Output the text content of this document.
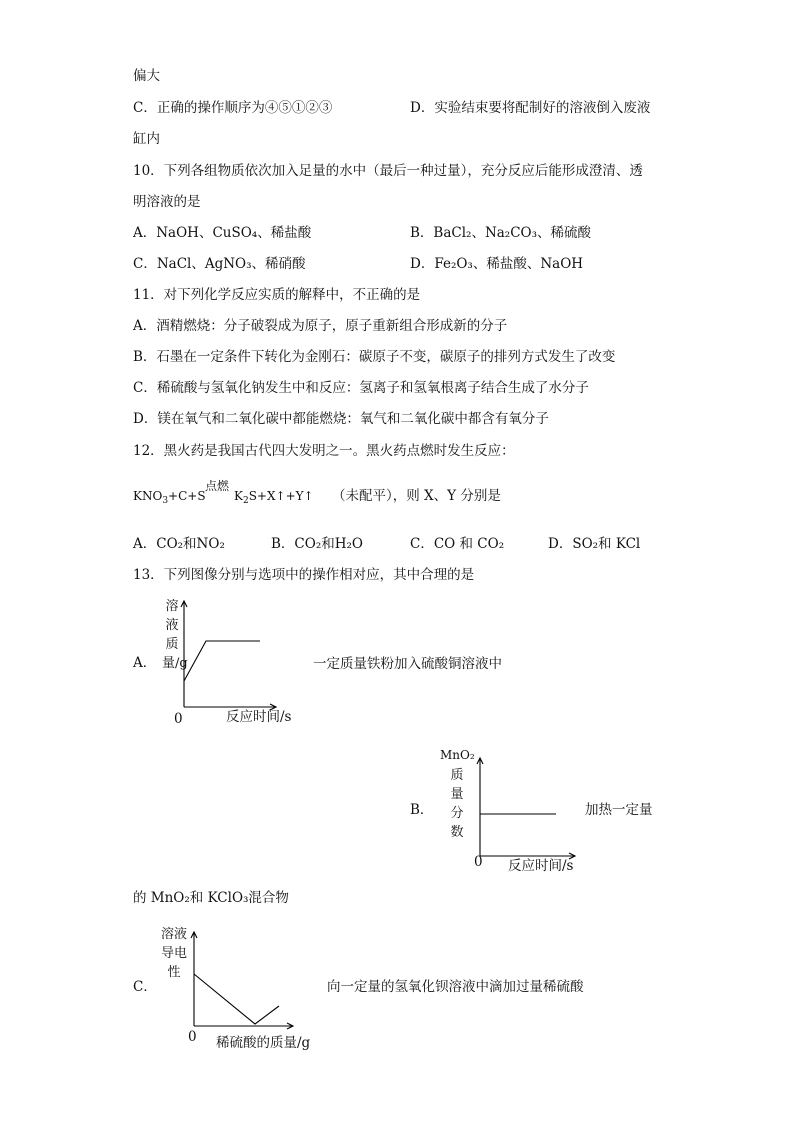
偏大
C．正确的操作顺序为④⑤①②③	D．实验结束要将配制好的溶液倒入废液
缸内
10．下列各组物质依次加入足量的水中（最后一种过量），充分反应后能形成澄清、透
明溶液的是
A．NaOH、CuSO₄、稀盐酸	B．BaCl₂、Na₂CO₃、稀硫酸
C．NaCl、AgNO₃、稀硝酸	D．Fe₂O₃、稀盐酸、NaOH
11．对下列化学反应实质的解释中，不正确的是
A．酒精燃烧：分子破裂成为原子，原子重新组合形成新的分子
B．石墨在一定条件下转化为金刚石：碳原子不变，碳原子的排列方式发生了改变
C．稀硫酸与氢氧化钠发生中和反应：氢离子和氢氧根离子结合生成了水分子
D．镁在氧气和二氧化碳中都能燃烧：氧气和二氧化碳中都含有氧分子
12．黑火药是我国古代四大发明之一。黑火药点燃时发生反应：
$KNO_3+C+S$
点燃
$K_2S+X↑+Y↑$ （未配平），则 X、Y 分别是
A．CO₂和NO₂	B．CO₂和H₂O	C．CO 和 CO₂	D．SO₂和 KCl
13．下列图像分别与选项中的操作相对应，其中合理的是
A．
溶液质量/g
0	反应时间/s
一定质量铁粉加入硫酸铜溶液中
MnO₂
质量分数
B．
0 反应时间/s
加热一定量
的 MnO₂和 KClO₃混合物
溶液导电性
C．
0 稀硫酸的质量/g
向一定量的氢氧化钡溶液中滴加过量稀硫酸
